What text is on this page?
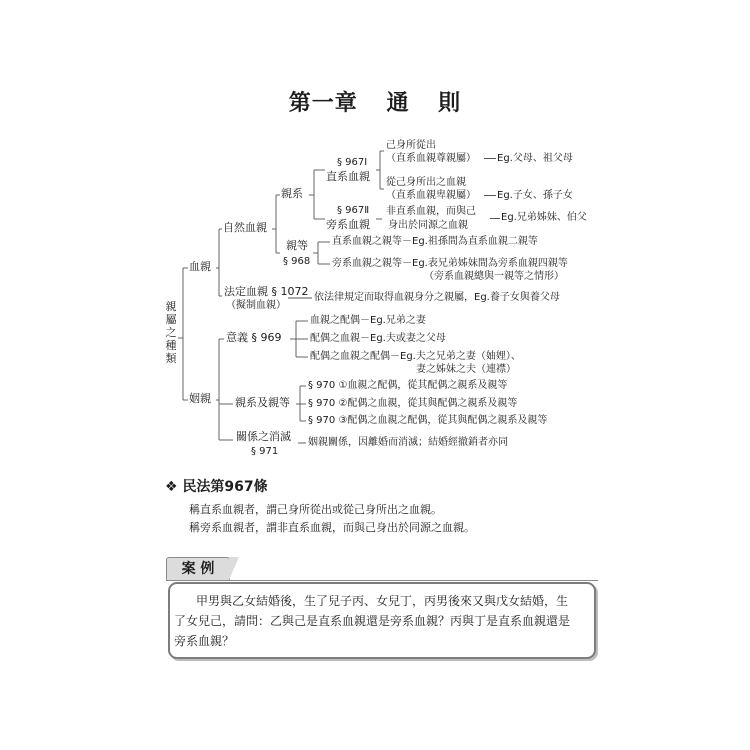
第一章 通 則
親
屬
之
種
類
血親
自然血親
親系
§ 967Ⅰ
直系血親
己身所從出
（直系血親尊親屬） Eg.父母、祖父母
從己身所出之血親
（直系血親卑親屬） Eg.子女、孫子女
§ 967Ⅱ
旁系血親
非直系血親，而與己
身出於同源之血親
Eg.兄弟姊妹、伯父
親等
§ 968
直系血親之親等－Eg.祖孫間為直系血親二親等
旁系血親之親等－Eg.表兄弟姊妹間為旁系血親四親等
（旁系血親總與一親等之情形）
法定血親 § 1072
（擬制血親）
依法律規定而取得血親身分之親屬，Eg.養子女與養父母
姻親
意義 § 969
血親之配偶－Eg.兄弟之妻
配偶之血親－Eg.夫或妻之父母
配偶之血親之配偶－Eg.夫之兄弟之妻（妯娌）、
妻之姊妹之夫（連襟）
親系及親等
§ 970 ①血親之配偶，從其配偶之親系及親等
§ 970 ②配偶之血親，從其與配偶之親系及親等
§ 970 ③配偶之血親之配偶，從其與配偶之親系及親等
關係之消滅
§ 971
姻親關係，因離婚而消滅；結婚經撤銷者亦同
❖ 民法第967條
稱直系血親者，謂己身所從出或從己身所出之血親。
稱旁系血親者，謂非直系血親，而與己身出於同源之血親。
案 例
甲男與乙女結婚後，生了兒子丙、女兒丁，丙男後來又與戊女結婚，生
了女兒己，請問：乙與己是直系血親還是旁系血親？丙與丁是直系血親還是
旁系血親？
